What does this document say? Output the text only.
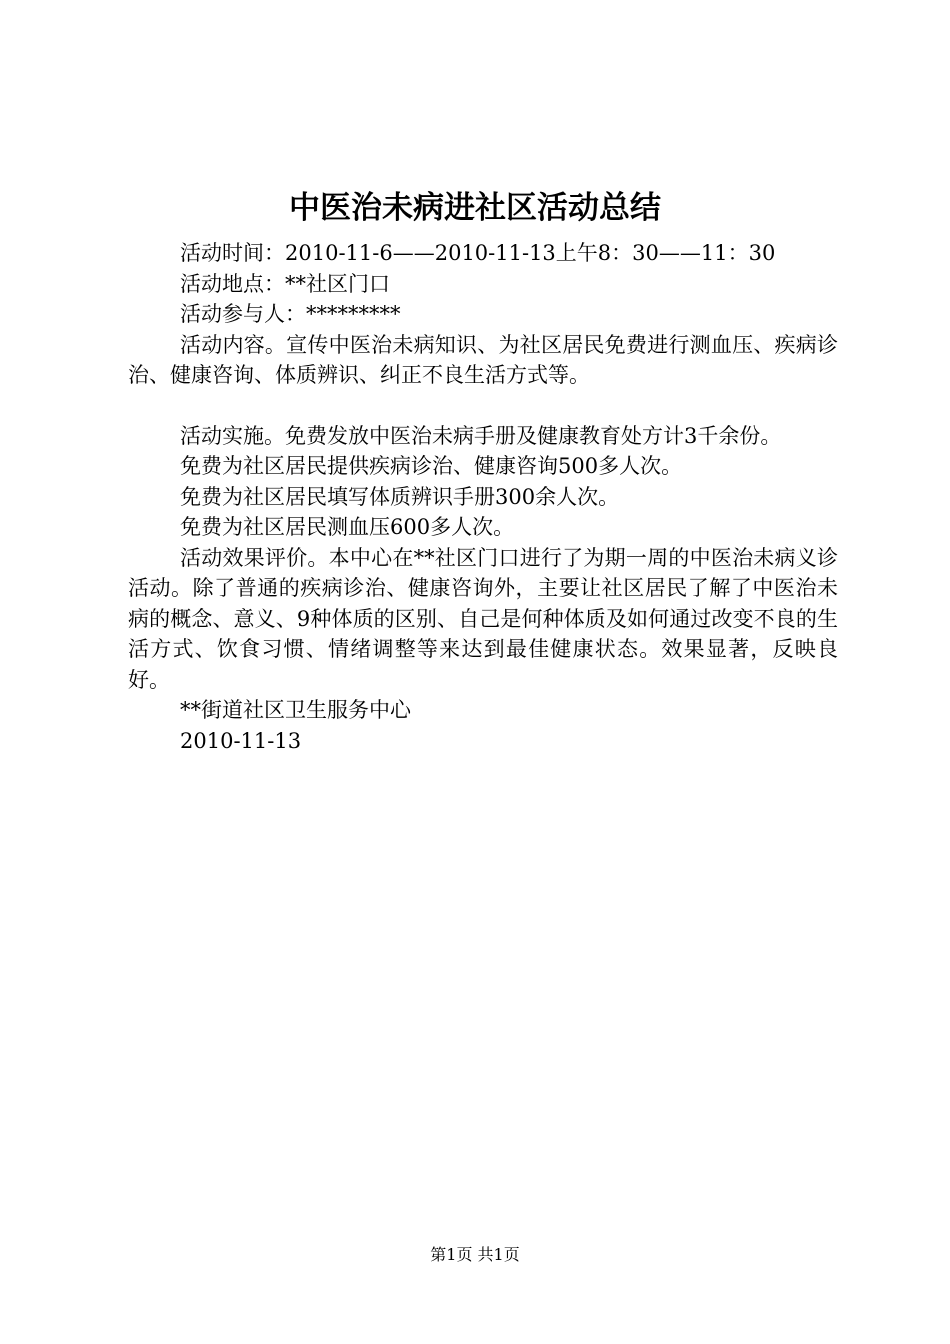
中医治未病进社区活动总结

活动时间：2010-11-6——2010-11-13上午8：30——11：30

活动地点：**社区门口

活动参与人：*********

活动内容。宣传中医治未病知识、为社区居民免费进行测血压、疾病诊治、健康咨询、体质辨识、纠正不良生活方式等。

活动实施。免费发放中医治未病手册及健康教育处方计3千余份。

免费为社区居民提供疾病诊治、健康咨询500多人次。

免费为社区居民填写体质辨识手册300余人次。

免费为社区居民测血压600多人次。

活动效果评价。本中心在**社区门口进行了为期一周的中医治未病义诊活动。除了普通的疾病诊治、健康咨询外，主要让社区居民了解了中医治未病的概念、意义、9种体质的区别、自己是何种体质及如何通过改变不良的生活方式、饮食习惯、情绪调整等来达到最佳健康状态。效果显著，反映良好。

**街道社区卫生服务中心

2010-11-13

第1页 共1页
